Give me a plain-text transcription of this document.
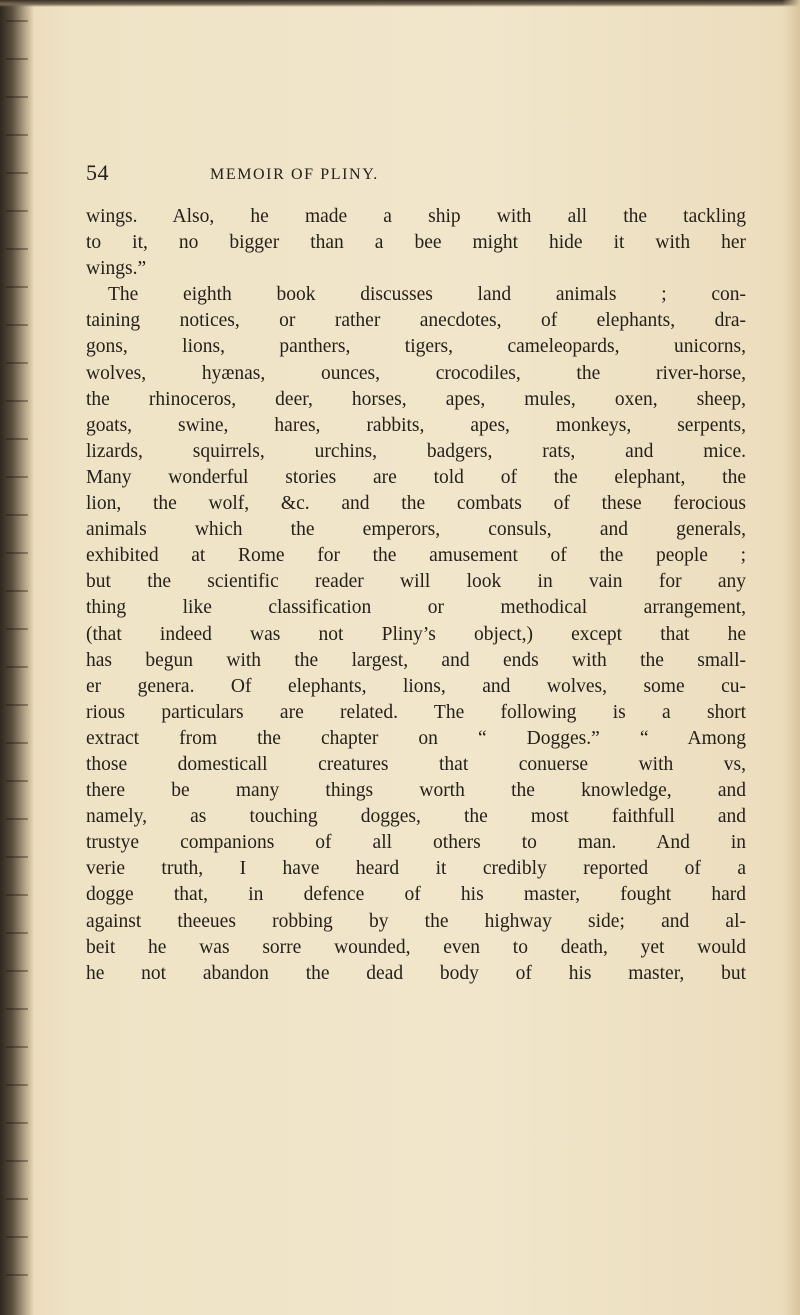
54	MEMOIR OF PLINY.
wings. Also, he made a ship with all the tackling
to it, no bigger than a bee might hide it with her
wings.”
The eighth book discusses land animals ; con-
taining notices, or rather anecdotes, of elephants, dra-
gons, lions, panthers, tigers, cameleopards, unicorns,
wolves, hyænas, ounces, crocodiles, the river-horse,
the rhinoceros, deer, horses, apes, mules, oxen, sheep,
goats, swine, hares, rabbits, apes, monkeys, serpents,
lizards, squirrels, urchins, badgers, rats, and mice.
Many wonderful stories are told of the elephant, the
lion, the wolf, &c. and the combats of these ferocious
animals which the emperors, consuls, and generals,
exhibited at Rome for the amusement of the people ;
but the scientific reader will look in vain for any
thing like classification or methodical arrangement,
(that indeed was not Pliny’s object,) except that he
has begun with the largest, and ends with the small-
er genera. Of elephants, lions, and wolves, some cu-
rious particulars are related. The following is a short
extract from the chapter on “ Dogges.” “ Among
those domesticall creatures that conuerse with vs,
there be many things worth the knowledge, and
namely, as touching dogges, the most faithfull and
trustye companions of all others to man. And in
verie truth, I have heard it credibly reported of a
dogge that, in defence of his master, fought hard
against theeues robbing by the highway side; and al-
beit he was sorre wounded, even to death, yet would
he not abandon the dead body of his master, but
